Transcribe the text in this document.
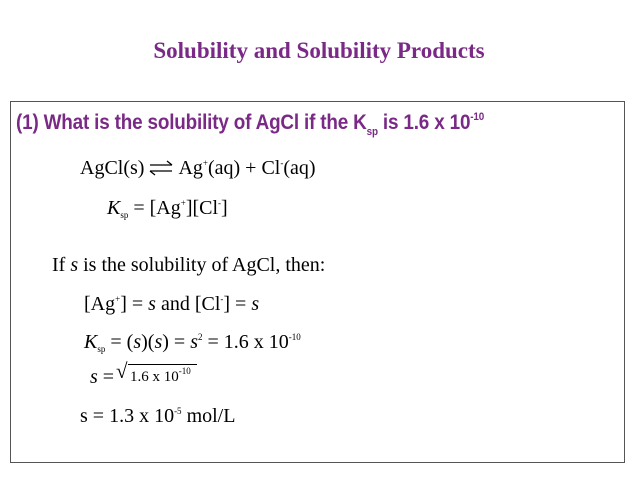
Solubility and Solubility Products
(1) What is the solubility of AgCl if the $K_{sp}$ is 1.6 x $10^{-10}$
AgCl(s) ⇌ Ag+(aq) + Cl-(aq)
$K_{sp} = [Ag^+][Cl^-]$
If s is the solubility of AgCl, then:
[Ag+] = s and [Cl-] = s
$K_{sp} = (s)(s) = s^2 = 1.6$ x $10^{-10}$
s = √ 1.6 x $10^{-10}$
s = 1.3 x $10^{-5}$ mol/L
